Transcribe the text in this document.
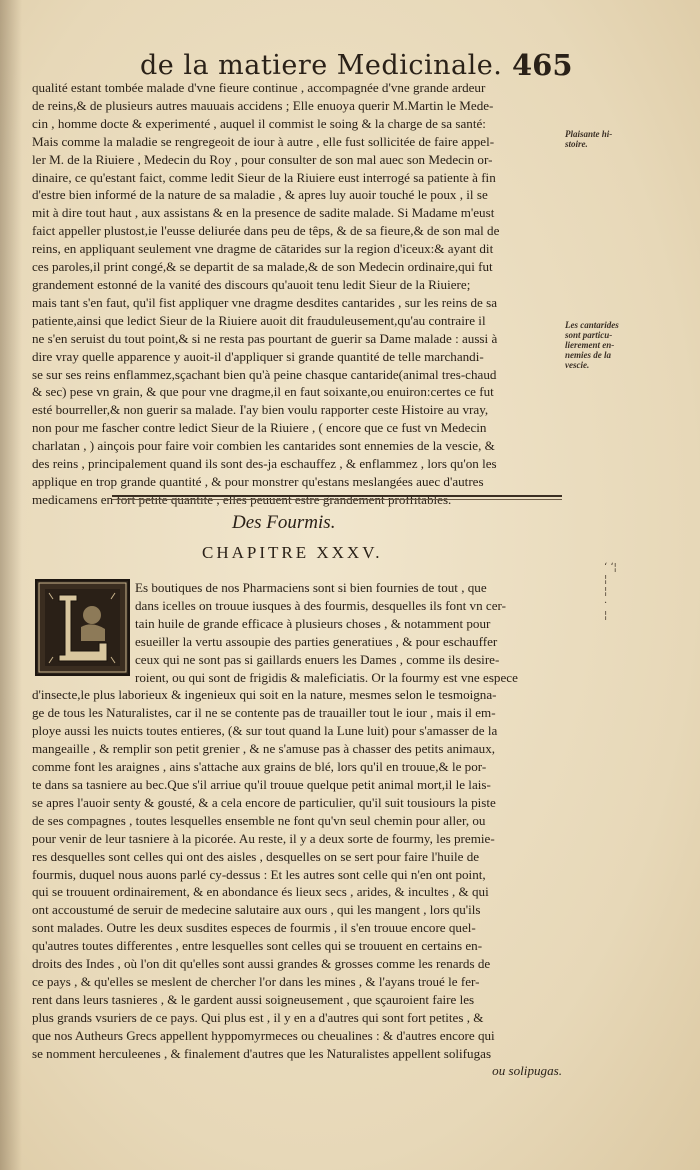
de la matiere Medicinale. 465
qualité estant tombée malade d'vne fieure continue , accompagnée d'vne grande ardeur
de reins,& de plusieurs autres mauuais accidens ; Elle enuoya querir M.Martin le Mede-
cin , homme docte & experimenté , auquel il commist le soing & la charge de sa santé:
Mais comme la maladie se rengregeoit de iour à autre , elle fust sollicitée de faire appel-
ler M. de la Riuiere , Medecin du Roy , pour consulter de son mal auec son Medecin or-
dinaire, ce qu'estant faict, comme ledit Sieur de la Riuiere eust interrogé sa patiente à fin
d'estre bien informé de la nature de sa maladie , & apres luy auoir touché le poux , il se
mit à dire tout haut , aux assistans & en la presence de sadite malade. Si Madame m'eust
faict appeller plustost,ie l'eusse deliurée dans peu de têps, & de sa fieure,& de son mal de
reins, en appliquant seulement vne dragme de cātarides sur la region d'iceux:& ayant dit
ces paroles,il print congé,& se departit de sa malade,& de son Medecin ordinaire,qui fut
grandement estonné de la vanité des discours qu'auoit tenu ledit Sieur de la Riuiere;
mais tant s'en faut, qu'il fist appliquer vne dragme desdites cantarides , sur les reins de sa
patiente,ainsi que ledict Sieur de la Riuiere auoit dit frauduleusement,qu'au contraire il
ne s'en seruist du tout point,& si ne resta pas pourtant de guerir sa Dame malade : aussi à
dire vray quelle apparence y auoit-il d'appliquer si grande quantité de telle marchandi-
se sur ses reins enflammez,sçachant bien qu'à peine chasque cantaride(animal tres-chaud
& sec) pese vn grain, & que pour vne dragme,il en faut soixante,ou enuiron:certes ce fut
esté bourreller,& non guerir sa malade. I'ay bien voulu rapporter ceste Histoire au vray,
non pour me fascher contre ledict Sieur de la Riuiere , ( encore que ce fust vn Medecin
charlatan , ) ainçois pour faire voir combien les cantarides sont ennemies de la vescie, &
des reins , principalement quand ils sont des-ja eschauffez , & enflammez , lors qu'on les
applique en trop grande quantité , & pour monstrer qu'estans meslangées auec d'autres
medicamens en fort petite quantité , elles peuuent estre grandement proffitables.
Plaisante hi-
stoire.
Les cantarides
sont particu-
lierement en-
nemies de la
vescie.
Des Fourmis.
CHAPITRE XXXV.
ʻ ʻ¦
¦
¦
·
¦
Es boutiques de nos Pharmaciens sont si bien fournies de tout , que
dans icelles on trouue iusques à des fourmis, desquelles ils font vn cer-
tain huile de grande efficace à plusieurs choses , & notamment pour
esueiller la vertu assoupie des parties generatiues , & pour eschauffer
ceux qui ne sont pas si gaillards enuers les Dames , comme ils desire-
roient, ou qui sont de frigidis & maleficiatis. Or la fourmy est vne espece
d'insecte,le plus laborieux & ingenieux qui soit en la nature, mesmes selon le tesmoigna-
ge de tous les Naturalistes, car il ne se contente pas de trauailler tout le iour , mais il em-
ploye aussi les nuicts toutes entieres, (& sur tout quand la Lune luit) pour s'amasser de la
mangeaille , & remplir son petit grenier , & ne s'amuse pas à chasser des petits animaux,
comme font les araignes , ains s'attache aux grains de blé, lors qu'il en trouue,& le por-
te dans sa tasniere au bec.Que s'il arriue qu'il trouue quelque petit animal mort,il le lais-
se apres l'auoir senty & gousté, & a cela encore de particulier, qu'il suit tousiours la piste
de ses compagnes , toutes lesquelles ensemble ne font qu'vn seul chemin pour aller, ou
pour venir de leur tasniere à la picorée. Au reste, il y a deux sorte de fourmy, les premie-
res desquelles sont celles qui ont des aisles , desquelles on se sert pour faire l'huile de
fourmis, duquel nous auons parlé cy-dessus : Et les autres sont celle qui n'en ont point,
qui se trouuent ordinairement, & en abondance és lieux secs , arides, & incultes , & qui
ont accoustumé de seruir de medecine salutaire aux ours , qui les mangent , lors qu'ils
sont malades. Outre les deux susdites especes de fourmis , il s'en trouue encore quel-
qu'autres toutes differentes , entre lesquelles sont celles qui se trouuent en certains en-
droits des Indes , où l'on dit qu'elles sont aussi grandes & grosses comme les renards de
ce pays , & qu'elles se meslent de chercher l'or dans les mines , & l'ayans troué le fer-
rent dans leurs tasnieres , & le gardent aussi soigneusement , que sçauroient faire les
plus grands vsuriers de ce pays. Qui plus est , il y en a d'autres qui sont fort petites , &
que nos Autheurs Grecs appellent hyppomyrmeces ou cheualines : & d'autres encore qui
se nomment herculeenes , & finalement d'autres que les Naturalistes appellent solifugas
ou solipugas.
